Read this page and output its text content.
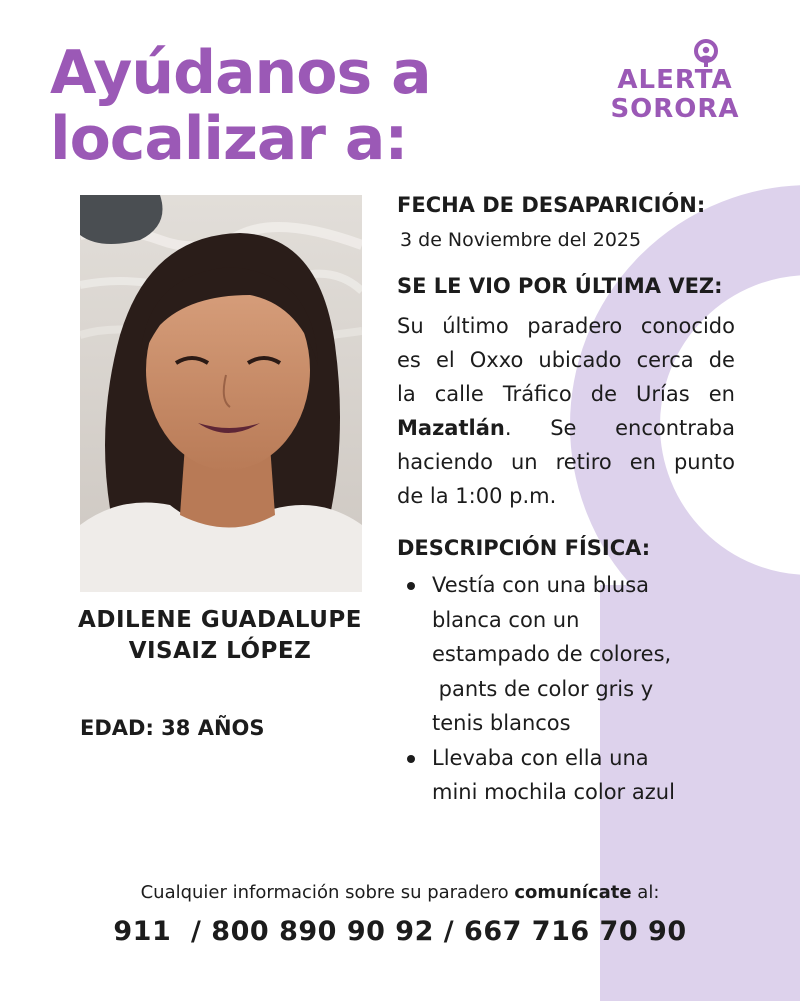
Ayúdanos a
localizar a:
ALERTA
SORORA
ADILENE GUADALUPE
VISAIZ LÓPEZ
EDAD: 38 AÑOS
FECHA DE DESAPARICIÓN:
3 de Noviembre del 2025
SE LE VIO POR ÚLTIMA VEZ:
Su último paradero conocido
es el Oxxo ubicado cerca de
la calle Tráfico de Urías en
Mazatlán. Se encontraba
haciendo un retiro en punto
de la 1:00 p.m.
DESCRIPCIÓN FÍSICA:
Vestía con una blusa
blanca con un
estampado de colores,
pants de color gris y
tenis blancos
Llevaba con ella una
mini mochila color azul
Cualquier información sobre su paradero comunícate al:
911  / 800 890 90 92 / 667 716 70 90
